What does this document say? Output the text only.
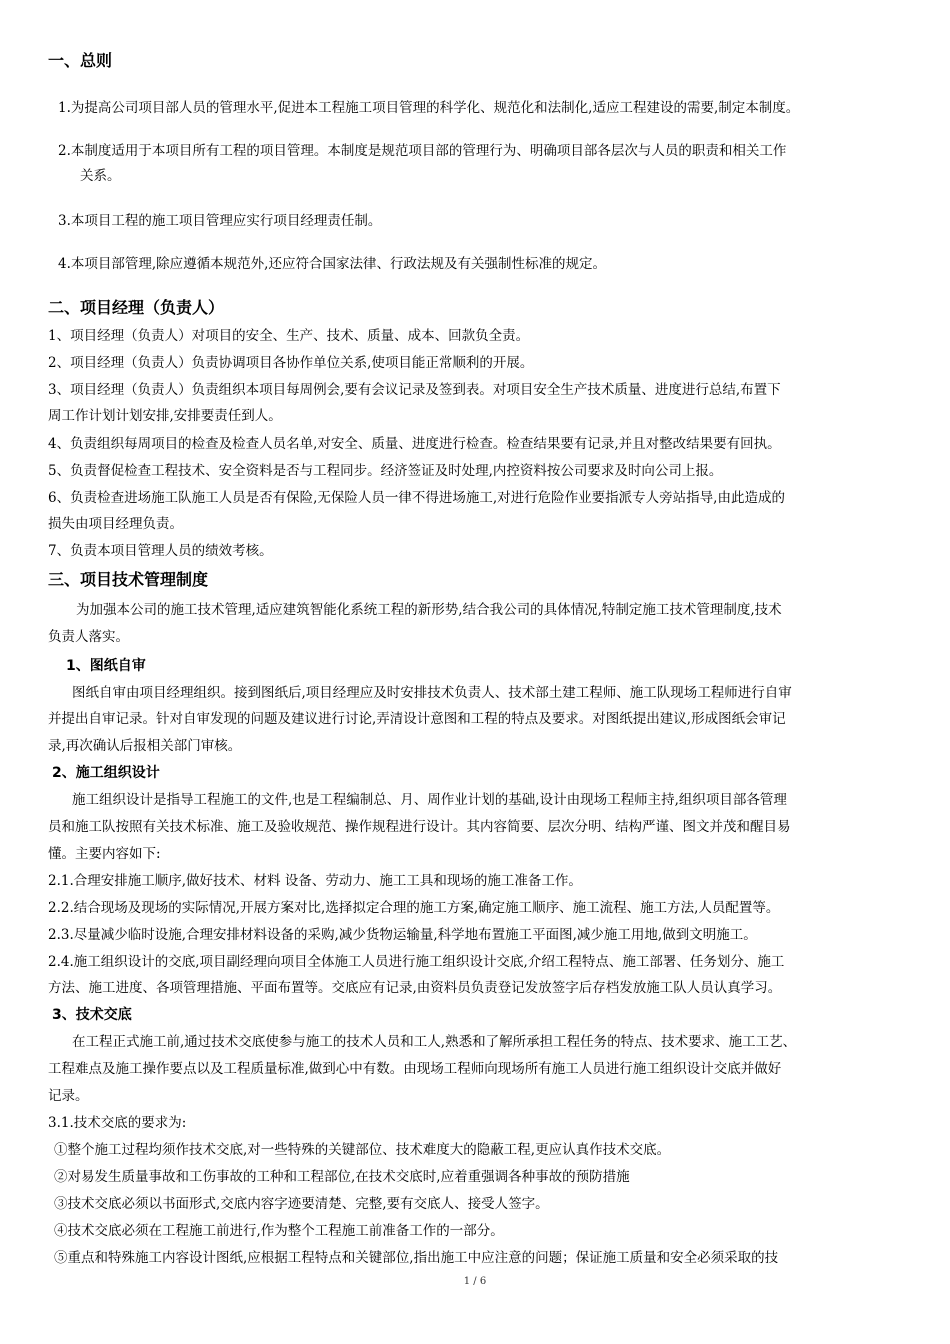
一、总则
1.为提高公司项目部人员的管理水平,促进本工程施工项目管理的科学化、规范化和法制化,适应工程建设的需要,制定本制度。
2.本制度适用于本项目所有工程的项目管理。本制度是规范项目部的管理行为、明确项目部各层次与人员的职责和相关工作
关系。
3.本项目工程的施工项目管理应实行项目经理责任制。
4.本项目部管理,除应遵循本规范外,还应符合国家法律、行政法规及有关强制性标准的规定。
二、项目经理（负责人）
1、项目经理（负责人）对项目的安全、生产、技术、质量、成本、回款负全责。
2、项目经理（负责人）负责协调项目各协作单位关系,使项目能正常顺利的开展。
3、项目经理（负责人）负责组织本项目每周例会,要有会议记录及签到表。对项目安全生产技术质量、进度进行总结,布置下
周工作计划计划安排,安排要责任到人。
4、负责组织每周项目的检查及检查人员名单,对安全、质量、进度进行检查。检查结果要有记录,并且对整改结果要有回执。
5、负责督促检查工程技术、安全资料是否与工程同步。经济签证及时处理,内控资料按公司要求及时向公司上报。
6、负责检查进场施工队施工人员是否有保险,无保险人员一律不得进场施工,对进行危险作业要指派专人旁站指导,由此造成的
损失由项目经理负责。
7、负责本项目管理人员的绩效考核。
三、项目技术管理制度
为加强本公司的施工技术管理,适应建筑智能化系统工程的新形势,结合我公司的具体情况,特制定施工技术管理制度,技术
负责人落实。
1、图纸自审
图纸自审由项目经理组织。接到图纸后,项目经理应及时安排技术负责人、技术部土建工程师、施工队现场工程师进行自审
并提出自审记录。针对自审发现的问题及建议进行讨论,弄清设计意图和工程的特点及要求。对图纸提出建议,形成图纸会审记
录,再次确认后报相关部门审核。
2、施工组织设计
施工组织设计是指导工程施工的文件,也是工程编制总、月、周作业计划的基础,设计由现场工程师主持,组织项目部各管理
员和施工队按照有关技术标准、施工及验收规范、操作规程进行设计。其内容简要、层次分明、结构严谨、图文并茂和醒目易
懂。主要内容如下:
2.1.合理安排施工顺序,做好技术、材料 设备、劳动力、施工工具和现场的施工准备工作。
2.2.结合现场及现场的实际情况,开展方案对比,选择拟定合理的施工方案,确定施工顺序、施工流程、施工方法,人员配置等。
2.3.尽量减少临时设施,合理安排材料设备的采购,减少货物运输量,科学地布置施工平面图,减少施工用地,做到文明施工。
2.4.施工组织设计的交底,项目副经理向项目全体施工人员进行施工组织设计交底,介绍工程特点、施工部署、任务划分、施工
方法、施工进度、各项管理措施、平面布置等。交底应有记录,由资料员负责登记发放签字后存档发放施工队人员认真学习。
3、技术交底
在工程正式施工前,通过技术交底使参与施工的技术人员和工人,熟悉和了解所承担工程任务的特点、技术要求、施工工艺、
工程难点及施工操作要点以及工程质量标准,做到心中有数。由现场工程师向现场所有施工人员进行施工组织设计交底并做好
记录。
3.1.技术交底的要求为:
①整个施工过程均须作技术交底,对一些特殊的关键部位、技术难度大的隐蔽工程,更应认真作技术交底。
②对易发生质量事故和工伤事故的工种和工程部位,在技术交底时,应着重强调各种事故的预防措施
③技术交底必须以书面形式,交底内容字迹要清楚、完整,要有交底人、接受人签字。
④技术交底必须在工程施工前进行,作为整个工程施工前准备工作的一部分。
⑤重点和特殊施工内容设计图纸,应根据工程特点和关键部位,指出施工中应注意的问题；保证施工质量和安全必须采取的技
1 / 6
